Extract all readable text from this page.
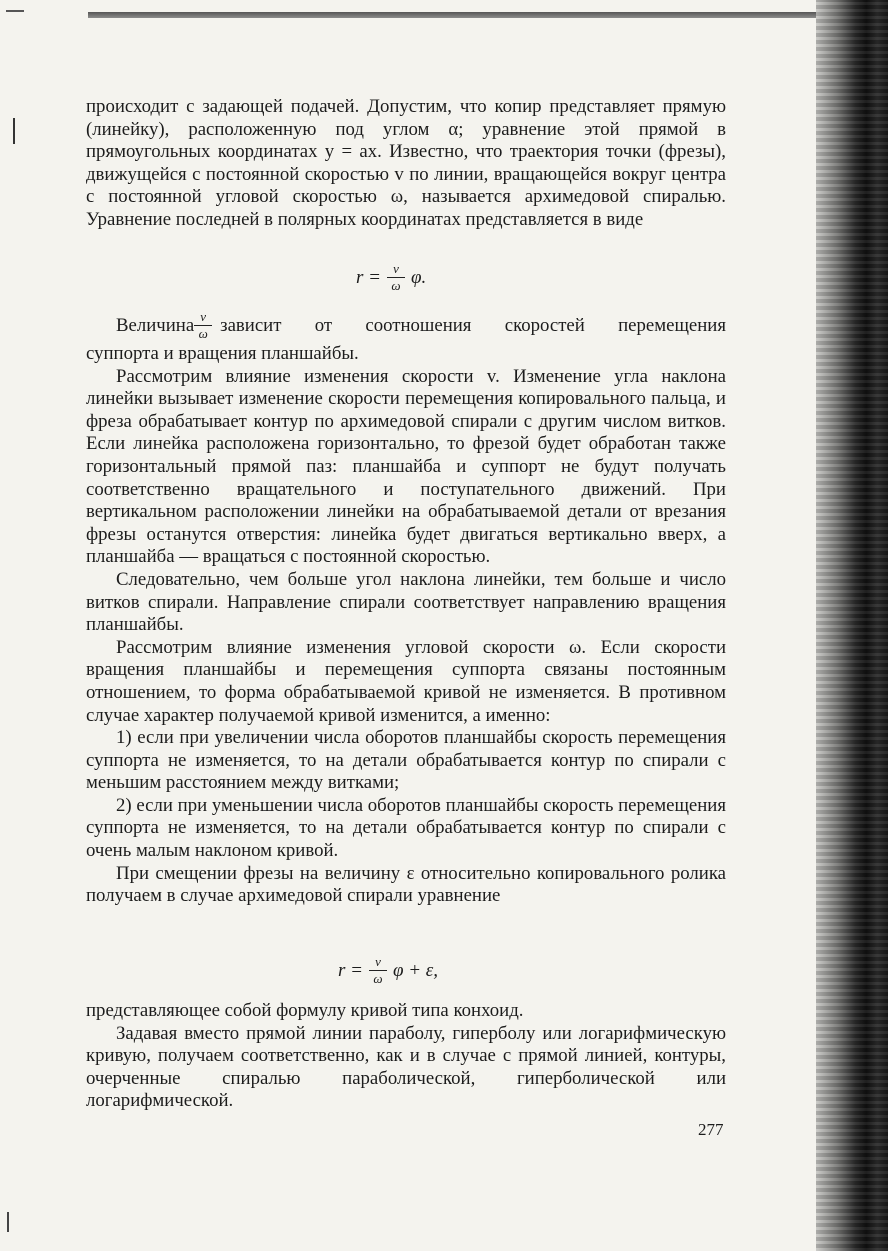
происходит с задающей подачей. Допустим, что копир представляет прямую (линейку), расположенную под углом α; уравнение этой прямой в прямоугольных координатах y = ax. Известно, что траектория точки (фрезы), движущейся с постоянной скоростью v по линии, вращающейся вокруг центра с постоянной угловой скоростью ω, называется архимедовой спиралью. Уравнение последней в полярных координатах представляется в виде

$r = \frac{v}{\omega} \varphi$.
Величина $\frac{v}{\omega}$ зависит от соотношения скоростей перемещения

суппорта и вращения планшайбы.

Рассмотрим влияние изменения скорости v. Изменение угла наклона линейки вызывает изменение скорости перемещения копировального пальца, и фреза обрабатывает контур по архимедовой спирали с другим числом витков. Если линейка расположена горизонтально, то фрезой будет обработан также горизонтальный прямой паз: планшайба и суппорт не будут получать соответственно вращательного и поступательного движений. При вертикальном расположении линейки на обрабатываемой детали от врезания фрезы останутся отверстия: линейка будет двигаться вертикально вверх, а планшайба — вращаться с постоянной скоростью.

Следовательно, чем больше угол наклона линейки, тем больше и число витков спирали. Направление спирали соответствует направлению вращения планшайбы.

Рассмотрим влияние изменения угловой скорости ω. Если скорости вращения планшайбы и перемещения суппорта связаны постоянным отношением, то форма обрабатываемой кривой не изменяется. В противном случае характер получаемой кривой изменится, а именно:

1) если при увеличении числа оборотов планшайбы скорость перемещения суппорта не изменяется, то на детали обрабатывается контур по спирали с меньшим расстоянием между витками;

2) если при уменьшении числа оборотов планшайбы скорость перемещения суппорта не изменяется, то на детали обрабатывается контур по спирали с очень малым наклоном кривой.

При смещении фрезы на величину ε относительно копировального ролика получаем в случае архимедовой спирали уравнение

$r = \frac{v}{\omega}$ φ + ε,

представляющее собой формулу кривой типа конхоид.

Задавая вместо прямой линии параболу, гиперболу или логарифмическую кривую, получаем соответственно, как и в случае с прямой линией, контуры, очерченные спиралью параболической, гиперболической или логарифмической.

277
